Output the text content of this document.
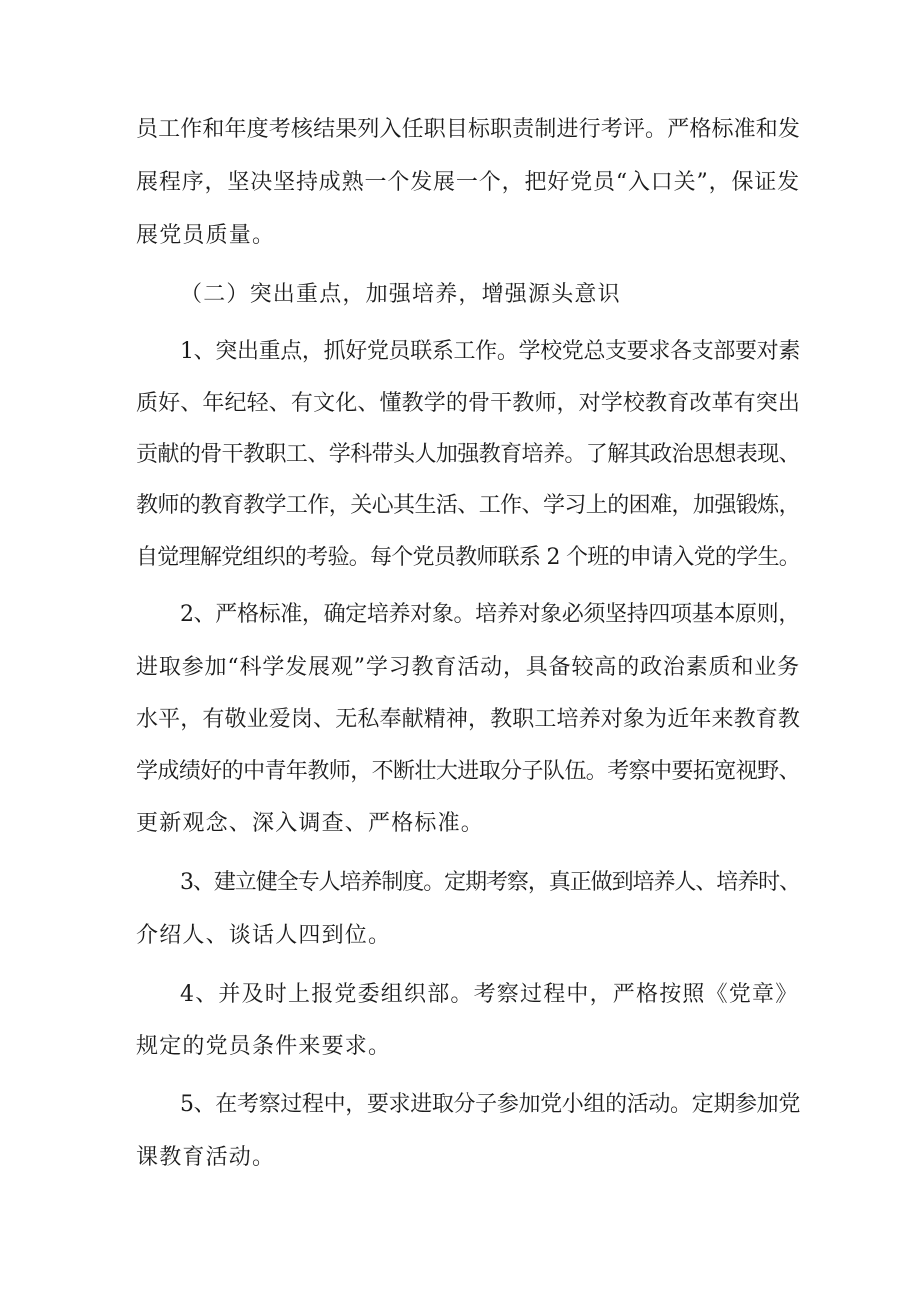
员工作和年度考核结果列入任职目标职责制进行考评。严格标准和发
展程序，坚决坚持成熟一个发展一个，把好党员“入口关”，保证发
展党员质量。
（二）突出重点，加强培养，增强源头意识
1、突出重点，抓好党员联系工作。学校党总支要求各支部要对素
质好、年纪轻、有文化、懂教学的骨干教师，对学校教育改革有突出
贡献的骨干教职工、学科带头人加强教育培养。了解其政治思想表现、
教师的教育教学工作，关心其生活、工作、学习上的困难，加强锻炼，
自觉理解党组织的考验。每个党员教师联系 2 个班的申请入党的学生。
2、严格标准，确定培养对象。培养对象必须坚持四项基本原则，
进取参加“科学发展观”学习教育活动，具备较高的政治素质和业务
水平，有敬业爱岗、无私奉献精神，教职工培养对象为近年来教育教
学成绩好的中青年教师，不断壮大进取分子队伍。考察中要拓宽视野、
更新观念、深入调查、严格标准。
3、建立健全专人培养制度。定期考察，真正做到培养人、培养时、
介绍人、谈话人四到位。
4、并及时上报党委组织部。考察过程中，严格按照《党章》
规定的党员条件来要求。
5、在考察过程中，要求进取分子参加党小组的活动。定期参加党
课教育活动。
